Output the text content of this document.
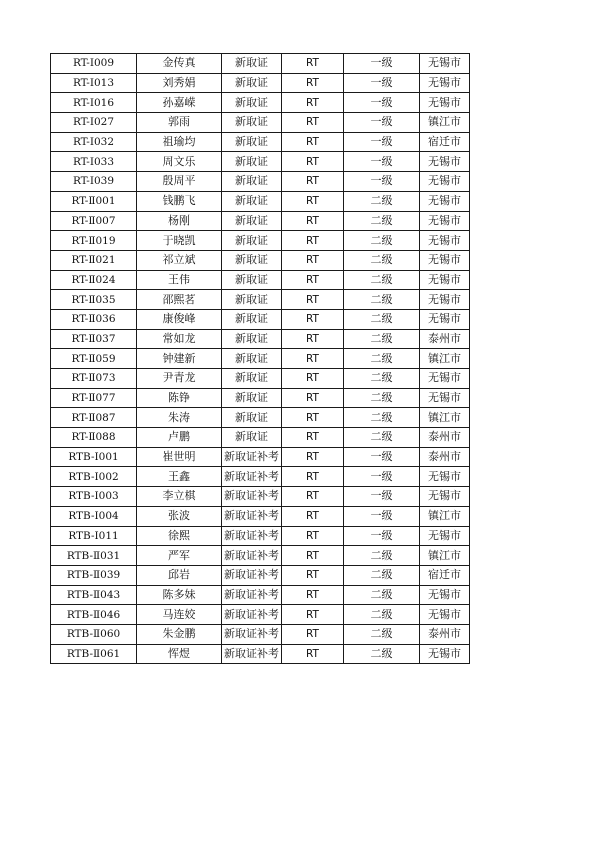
RT-Ⅰ009	金传真	新取证	RT	一级	无锡市
RT-Ⅰ013	刘秀娟	新取证	RT	一级	无锡市
RT-Ⅰ016	孙嘉嵘	新取证	RT	一级	无锡市
RT-Ⅰ027	郭雨	新取证	RT	一级	镇江市
RT-Ⅰ032	祖瑜均	新取证	RT	一级	宿迁市
RT-Ⅰ033	周文乐	新取证	RT	一级	无锡市
RT-Ⅰ039	殷周平	新取证	RT	一级	无锡市
RT-Ⅱ001	钱鹏飞	新取证	RT	二级	无锡市
RT-Ⅱ007	杨刚	新取证	RT	二级	无锡市
RT-Ⅱ019	于晓凯	新取证	RT	二级	无锡市
RT-Ⅱ021	祁立斌	新取证	RT	二级	无锡市
RT-Ⅱ024	王伟	新取证	RT	二级	无锡市
RT-Ⅱ035	邵熙茗	新取证	RT	二级	无锡市
RT-Ⅱ036	康俊峰	新取证	RT	二级	无锡市
RT-Ⅱ037	常如龙	新取证	RT	二级	泰州市
RT-Ⅱ059	钟建新	新取证	RT	二级	镇江市
RT-Ⅱ073	尹青龙	新取证	RT	二级	无锡市
RT-Ⅱ077	陈铮	新取证	RT	二级	无锡市
RT-Ⅱ087	朱涛	新取证	RT	二级	镇江市
RT-Ⅱ088	卢鹏	新取证	RT	二级	泰州市
RTB-Ⅰ001	崔世明	新取证补考	RT	一级	泰州市
RTB-Ⅰ002	王鑫	新取证补考	RT	一级	无锡市
RTB-Ⅰ003	李立棋	新取证补考	RT	一级	无锡市
RTB-Ⅰ004	张波	新取证补考	RT	一级	镇江市
RTB-Ⅰ011	徐熙	新取证补考	RT	一级	无锡市
RTB-Ⅱ031	严军	新取证补考	RT	二级	镇江市
RTB-Ⅱ039	邱岩	新取证补考	RT	二级	宿迁市
RTB-Ⅱ043	陈多妹	新取证补考	RT	二级	无锡市
RTB-Ⅱ046	马连姣	新取证补考	RT	二级	无锡市
RTB-Ⅱ060	朱金鹏	新取证补考	RT	二级	泰州市
RTB-Ⅱ061	恽煜	新取证补考	RT	二级	无锡市
